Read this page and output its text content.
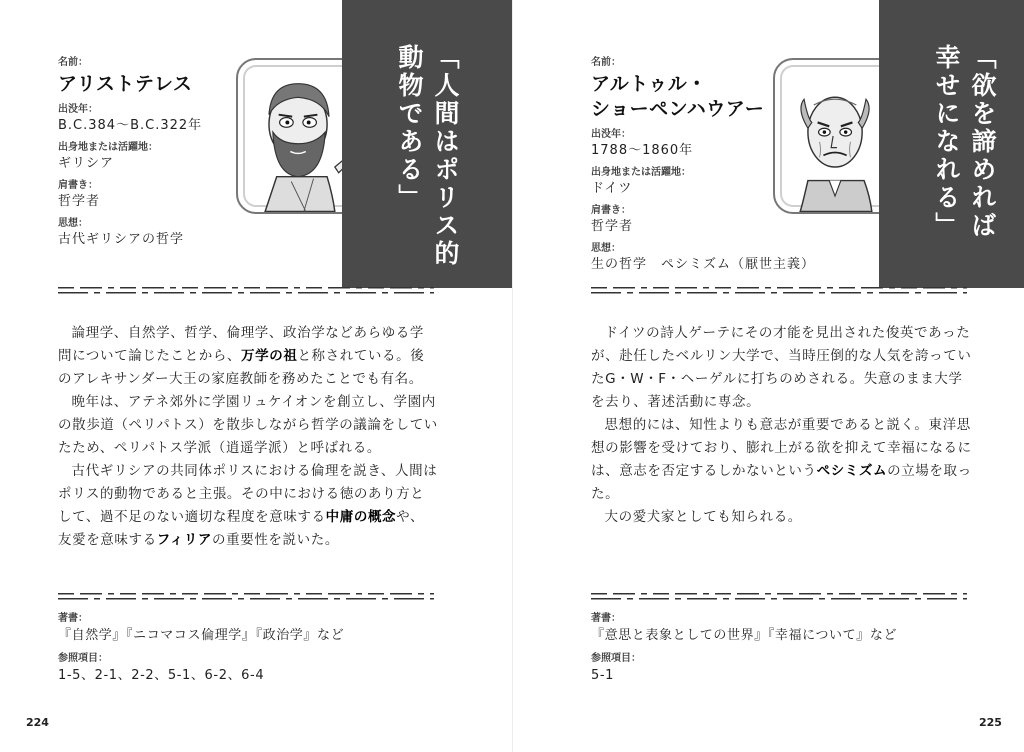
名前：
アリストテレス
出没年：
B.C.384～B.C.322年
出身地または活躍地：
ギリシア
肩書き：
哲学者
思想：
古代ギリシアの哲学	「人間はポリス的
動物である」

論理学、自然学、哲学、倫理学、政治学などあらゆる学問について論じたことから、万学の祖と称されている。後のアレキサンダー大王の家庭教師を務めたことでも有名。

晩年は、アテネ郊外に学園リュケイオンを創立し、学園内の散歩道（ペリパトス）を散歩しながら哲学の議論をしていたため、ペリパトス学派（逍遥学派）と呼ばれる。

古代ギリシアの共同体ポリスにおける倫理を説き、人間はポリス的動物であると主張。その中における徳のあり方として、過不足のない適切な程度を意味する中庸の概念や、友愛を意味するフィリアの重要性を説いた。

著書：
『自然学』『ニコマコス倫理学』『政治学』など
参照項目：
1-5、2-1、2-2、5-1、6-2、6-4
224
名前：
アルトゥル・
ショーペンハウアー
出没年：
1788～1860年
出身地または活躍地：
ドイツ
肩書き：
哲学者
思想：
生の哲学　ペシミズム（厭世主義）
「欲を諦めれば
幸せになれる」

ドイツの詩人ゲーテにその才能を見出された俊英であったが、赴任したベルリン大学で、当時圧倒的な人気を誇っていたG・W・F・ヘーゲルに打ちのめされる。失意のまま大学を去り、著述活動に専念。

思想的には、知性よりも意志が重要であると説く。東洋思想の影響を受けており、膨れ上がる欲を抑えて幸福になるには、意志を否定するしかないというペシミズムの立場を取った。

大の愛犬家としても知られる。

著書：
『意思と表象としての世界』『幸福について』など
参照項目：
5-1
225
